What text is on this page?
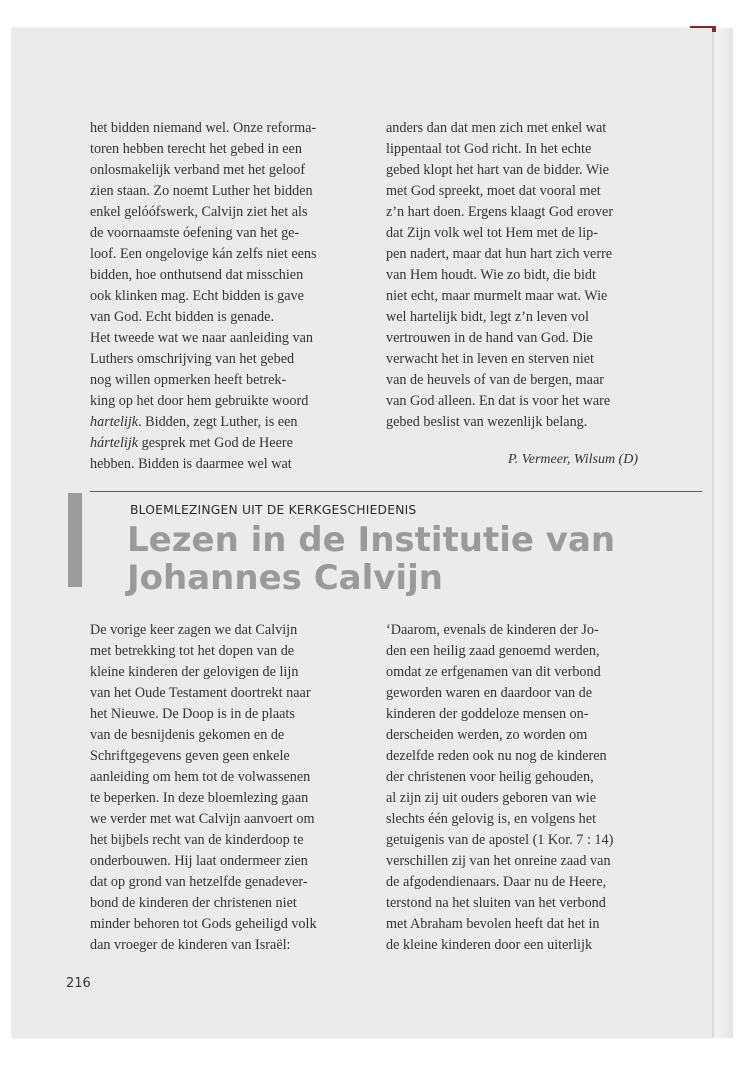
het bidden niemand wel. Onze reforma-

toren hebben terecht het gebed in een

onlosmakelijk verband met het geloof

zien staan. Zo noemt Luther het bidden

enkel gelóófswerk, Calvijn ziet het als

de voornaamste óefening van het ge-

loof. Een ongelovige kán zelfs niet eens

bidden, hoe onthutsend dat misschien

ook klinken mag. Echt bidden is gave

van God. Echt bidden is genade.

Het tweede wat we naar aanleiding van

Luthers omschrijving van het gebed

nog willen opmerken heeft betrek-

king op het door hem gebruikte woord

hartelijk. Bidden, zegt Luther, is een

hártelijk gesprek met God de Heere

hebben. Bidden is daarmee wel wat

anders dan dat men zich met enkel wat

lippentaal tot God richt. In het echte

gebed klopt het hart van de bidder. Wie

met God spreekt, moet dat vooral met

z’n hart doen. Ergens klaagt God erover

dat Zijn volk wel tot Hem met de lip-

pen nadert, maar dat hun hart zich verre

van Hem houdt. Wie zo bidt, die bidt

niet echt, maar murmelt maar wat. Wie

wel hartelijk bidt, legt z’n leven vol

vertrouwen in de hand van God. Die

verwacht het in leven en sterven niet

van de heuvels of van de bergen, maar

van God alleen. En dat is voor het ware

gebed beslist van wezenlijk belang.

P. Vermeer, Wilsum (D)
BLOEMLEZINGEN UIT DE KERKGESCHIEDENIS
Lezen in de Institutie van
Johannes Calvijn

De vorige keer zagen we dat Calvijn

met betrekking tot het dopen van de

kleine kinderen der gelovigen de lijn

van het Oude Testament doortrekt naar

het Nieuwe. De Doop is in de plaats

van de besnijdenis gekomen en de

Schriftgegevens geven geen enkele

aanleiding om hem tot de volwassenen

te beperken. In deze bloemlezing gaan

we verder met wat Calvijn aanvoert om

het bijbels recht van de kinderdoop te

onderbouwen. Hij laat ondermeer zien

dat op grond van hetzelfde genadever-

bond de kinderen der christenen niet

minder behoren tot Gods geheiligd volk

dan vroeger de kinderen van Israël:

‘Daarom, evenals de kinderen der Jo-

den een heilig zaad genoemd werden,

omdat ze erfgenamen van dit verbond

geworden waren en daardoor van de

kinderen der goddeloze mensen on-

derscheiden werden, zo worden om

dezelfde reden ook nu nog de kinderen

der christenen voor heilig gehouden,

al zijn zij uit ouders geboren van wie

slechts één gelovig is, en volgens het

getuigenis van de apostel (1 Kor. 7 : 14)

verschillen zij van het onreine zaad van

de afgodendienaars. Daar nu de Heere,

terstond na het sluiten van het verbond

met Abraham bevolen heeft dat het in

de kleine kinderen door een uiterlijk

216
